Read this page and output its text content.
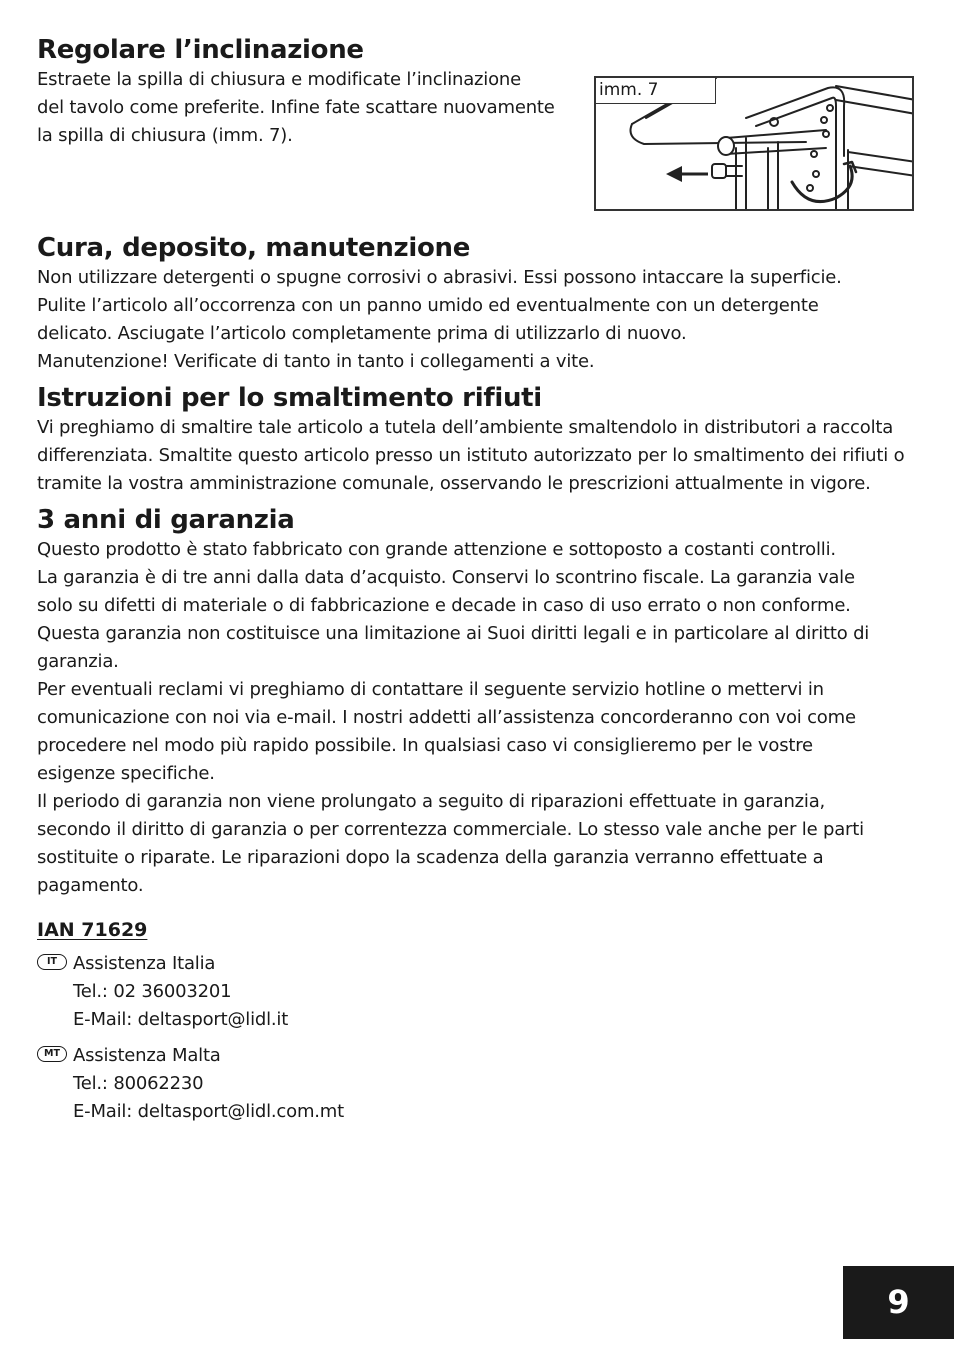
Regolare l’inclinazione

Estraete la spilla di chiusura e modificate l’inclinazione

del tavolo come preferite. Infine fate scattare nuovamente

la spilla di chiusura (imm. 7).

imm. 7
Cura, deposito, manutenzione

Non utilizzare detergenti o spugne corrosivi o abrasivi. Essi possono intaccare la superficie.

Pulite l’articolo all’occorrenza con un panno umido ed eventualmente con un detergente

delicato. Asciugate l’articolo completamente prima di utilizzarlo di nuovo.

Manutenzione! Verificate di tanto in tanto i collegamenti a vite.

Istruzioni per lo smaltimento rifiuti

Vi preghiamo di smaltire tale articolo a tutela dell’ambiente smaltendolo in distributori a raccolta

differenziata. Smaltite questo articolo presso un istituto autorizzato per lo smaltimento dei rifiuti o

tramite la vostra amministrazione comunale, osservando le prescrizioni attualmente in vigore.

3 anni di garanzia

Questo prodotto è stato fabbricato con grande attenzione e sottoposto a costanti controlli.

La garanzia è di tre anni dalla data d’acquisto. Conservi lo scontrino fiscale. La garanzia vale

solo su difetti di materiale o di fabbricazione e decade in caso di uso errato o non conforme.

Questa garanzia non costituisce una limitazione ai Suoi diritti legali e in particolare al diritto di

garanzia.

Per eventuali reclami vi preghiamo di contattare il seguente servizio hotline o mettervi in

comunicazione con noi via e-mail. I nostri addetti all’assistenza concorderanno con voi come

procedere nel modo più rapido possibile. In qualsiasi caso vi consiglieremo per le vostre

esigenze specifiche.

Il periodo di garanzia non viene prolungato a seguito di riparazioni effettuate in garanzia,

secondo il diritto di garanzia o per correntezza commerciale. Lo stesso vale anche per le parti

sostituite o riparate. Le riparazioni dopo la scadenza della garanzia verranno effettuate a

pagamento.

IAN 71629
IT Assistenza Italia

Tel.: 02 36003201

E-Mail: deltasport@lidl.it

MT Assistenza Malta

Tel.: 80062230

E-Mail: deltasport@lidl.com.mt

9
